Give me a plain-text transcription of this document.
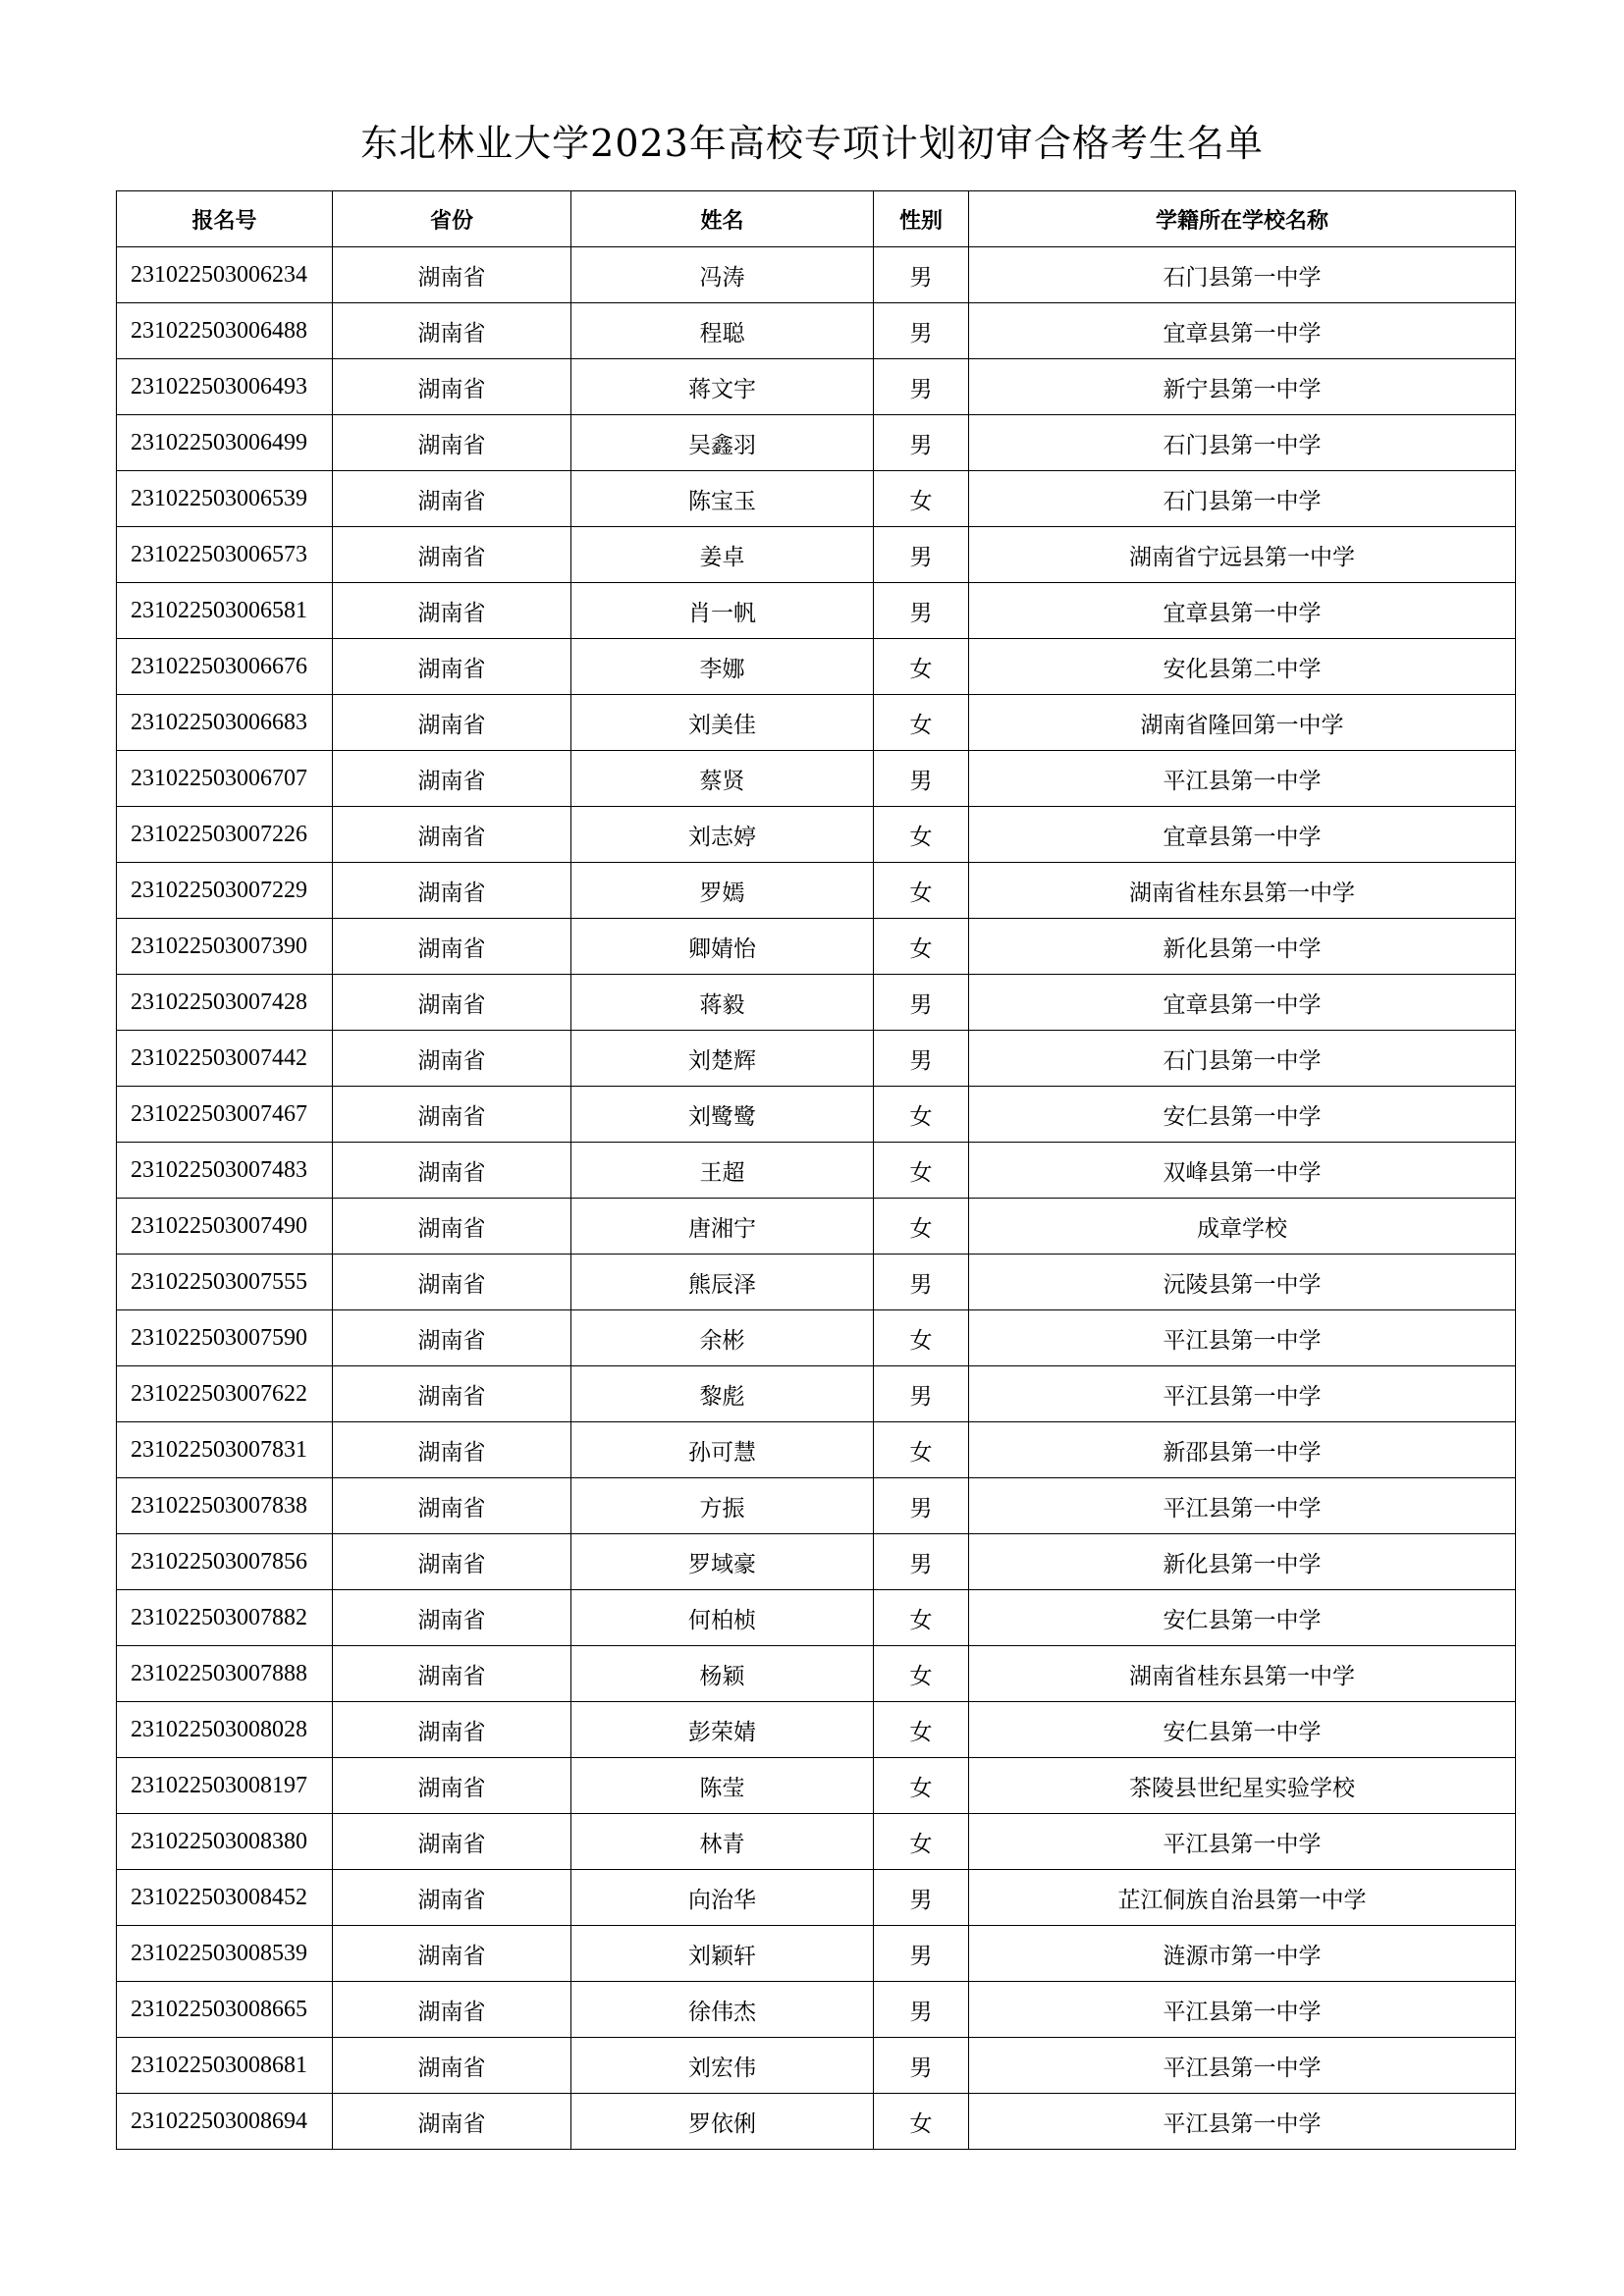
东北林业大学2023年高校专项计划初审合格考生名单
报名号	省份	姓名	性别	学籍所在学校名称
231022503006234	湖南省	冯涛	男	石门县第一中学
231022503006488	湖南省	程聪	男	宜章县第一中学
231022503006493	湖南省	蒋文宇	男	新宁县第一中学
231022503006499	湖南省	吴鑫羽	男	石门县第一中学
231022503006539	湖南省	陈宝玉	女	石门县第一中学
231022503006573	湖南省	姜卓	男	湖南省宁远县第一中学
231022503006581	湖南省	肖一帆	男	宜章县第一中学
231022503006676	湖南省	李娜	女	安化县第二中学
231022503006683	湖南省	刘美佳	女	湖南省隆回第一中学
231022503006707	湖南省	蔡贤	男	平江县第一中学
231022503007226	湖南省	刘志婷	女	宜章县第一中学
231022503007229	湖南省	罗嫣	女	湖南省桂东县第一中学
231022503007390	湖南省	卿婧怡	女	新化县第一中学
231022503007428	湖南省	蒋毅	男	宜章县第一中学
231022503007442	湖南省	刘楚辉	男	石门县第一中学
231022503007467	湖南省	刘鹭鹭	女	安仁县第一中学
231022503007483	湖南省	王超	女	双峰县第一中学
231022503007490	湖南省	唐湘宁	女	成章学校
231022503007555	湖南省	熊辰泽	男	沅陵县第一中学
231022503007590	湖南省	余彬	女	平江县第一中学
231022503007622	湖南省	黎彪	男	平江县第一中学
231022503007831	湖南省	孙可慧	女	新邵县第一中学
231022503007838	湖南省	方振	男	平江县第一中学
231022503007856	湖南省	罗域豪	男	新化县第一中学
231022503007882	湖南省	何柏桢	女	安仁县第一中学
231022503007888	湖南省	杨颖	女	湖南省桂东县第一中学
231022503008028	湖南省	彭荣婧	女	安仁县第一中学
231022503008197	湖南省	陈莹	女	茶陵县世纪星实验学校
231022503008380	湖南省	林青	女	平江县第一中学
231022503008452	湖南省	向治华	男	芷江侗族自治县第一中学
231022503008539	湖南省	刘颖轩	男	涟源市第一中学
231022503008665	湖南省	徐伟杰	男	平江县第一中学
231022503008681	湖南省	刘宏伟	男	平江县第一中学
231022503008694	湖南省	罗依俐	女	平江县第一中学
